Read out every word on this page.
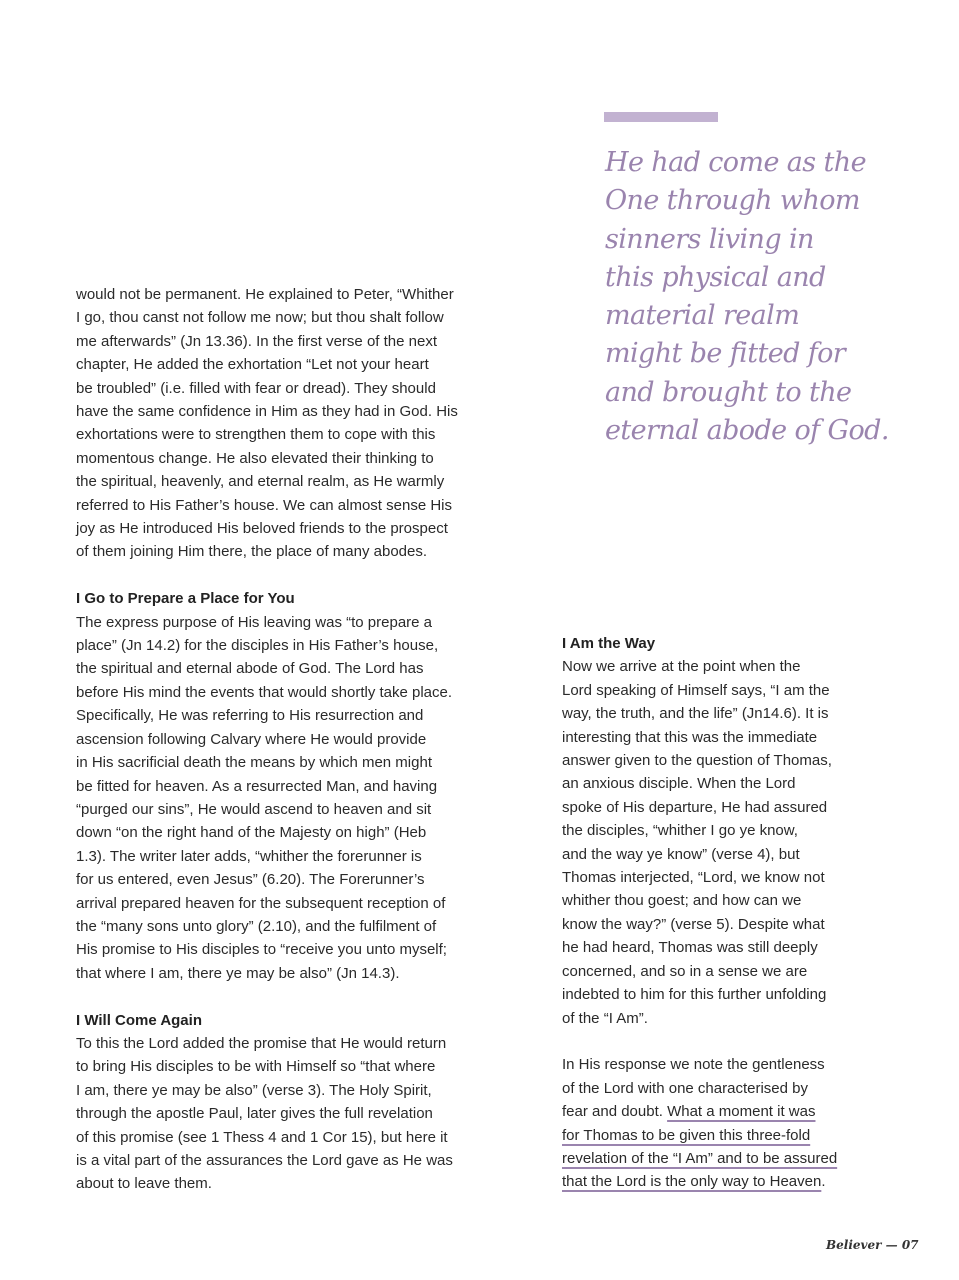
He had come as the
One through whom
sinners living in
this physical and
material realm
might be fitted for
and brought to the
eternal abode of God.
would not be permanent. He explained to Peter, “Whither
I go, thou canst not follow me now; but thou shalt follow
me afterwards” (Jn 13.36). In the first verse of the next
chapter, He added the exhortation “Let not your heart
be troubled” (i.e. filled with fear or dread). They should
have the same confidence in Him as they had in God. His
exhortations were to strengthen them to cope with this
momentous change. He also elevated their thinking to
the spiritual, heavenly, and eternal realm, as He warmly
referred to His Father’s house. We can almost sense His
joy as He introduced His beloved friends to the prospect
of them joining Him there, the place of many abodes.
I Go to Prepare a Place for You
The express purpose of His leaving was “to prepare a
place” (Jn 14.2) for the disciples in His Father’s house,
the spiritual and eternal abode of God. The Lord has
before His mind the events that would shortly take place.
Specifically, He was referring to His resurrection and
ascension following Calvary where He would provide
in His sacrificial death the means by which men might
be fitted for heaven. As a resurrected Man, and having
“purged our sins”, He would ascend to heaven and sit
down “on the right hand of the Majesty on high” (Heb
1.3). The writer later adds, “whither the forerunner is
for us entered, even Jesus” (6.20). The Forerunner’s
arrival prepared heaven for the subsequent reception of
the “many sons unto glory” (2.10), and the fulfilment of
His promise to His disciples to “receive you unto myself;
that where I am, there ye may be also” (Jn 14.3).
I Will Come Again
To this the Lord added the promise that He would return
to bring His disciples to be with Himself so “that where
I am, there ye may be also” (verse 3). The Holy Spirit,
through the apostle Paul, later gives the full revelation
of this promise (see 1 Thess 4 and 1 Cor 15), but here it
is a vital part of the assurances the Lord gave as He was
about to leave them.
I Am the Way
Now we arrive at the point when the
Lord speaking of Himself says, “I am the
way, the truth, and the life” (Jn14.6). It is
interesting that this was the immediate
answer given to the question of Thomas,
an anxious disciple. When the Lord
spoke of His departure, He had assured
the disciples, “whither I go ye know,
and the way ye know” (verse 4), but
Thomas interjected, “Lord, we know not
whither thou goest; and how can we
know the way?” (verse 5). Despite what
he had heard, Thomas was still deeply
concerned, and so in a sense we are
indebted to him for this further unfolding
of the “I Am”.
In His response we note the gentleness
of the Lord with one characterised by
fear and doubt. What a moment it was
for Thomas to be given this three-fold
revelation of the “I Am” and to be assured
that the Lord is the only way to Heaven.
Believer — 07
